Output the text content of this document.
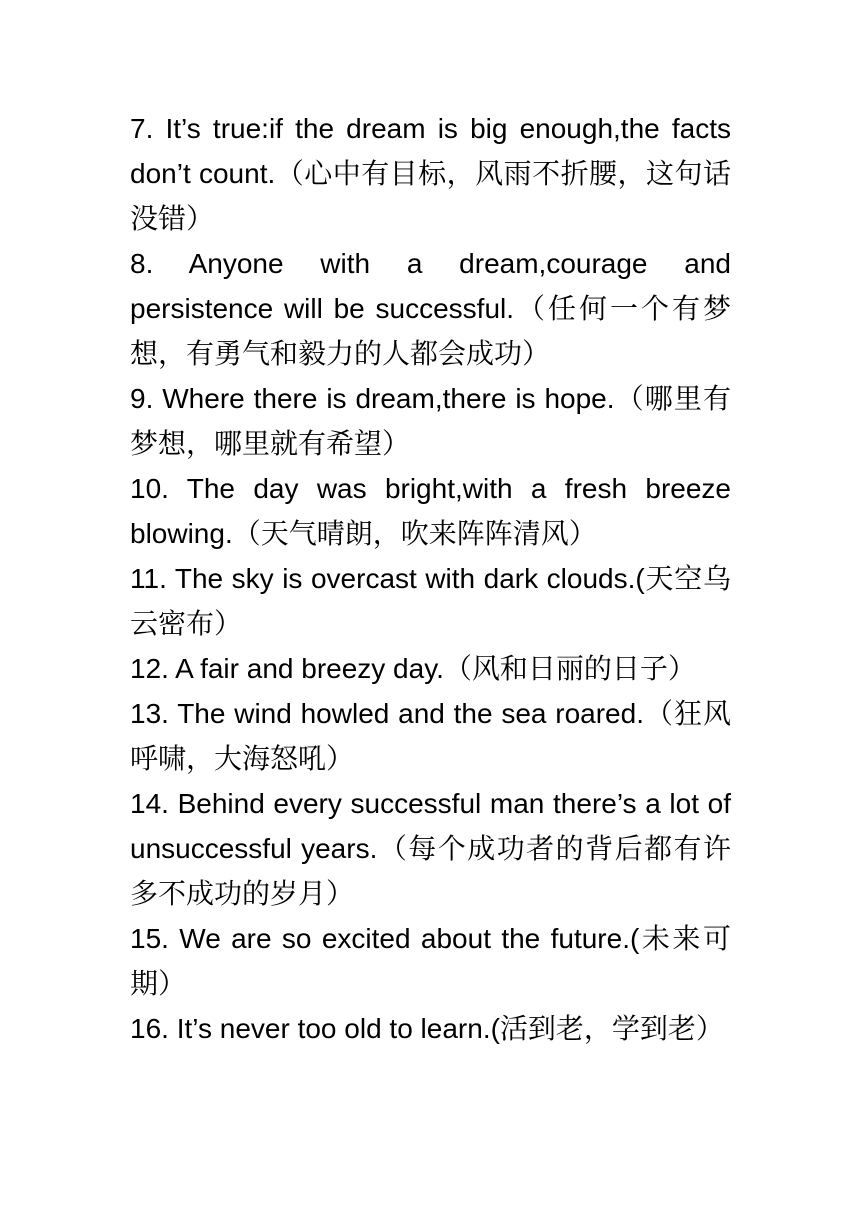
7. It’s true:if the dream is big enough,the facts don’t count.（心中有目标，风雨不折腰，这句话没错）

8. Anyone with a dream,courage and persistence will be successful.（任何一个有梦想，有勇气和毅力的人都会成功）

9. Where there is dream,there is hope.（哪里有梦想，哪里就有希望）

10. The day was bright,with a fresh breeze blowing.（天气晴朗，吹来阵阵清风）

11. The sky is overcast with dark clouds.(天空乌云密布）

12. A fair and breezy day.（风和日丽的日子）

13. The wind howled and the sea roared.（狂风呼啸，大海怒吼）

14. Behind every successful man there’s a lot of unsuccessful years.（每个成功者的背后都有许多不成功的岁月）

15. We are so excited about the future.(未来可期）

16. It’s never too old to learn.(活到老，学到老）
